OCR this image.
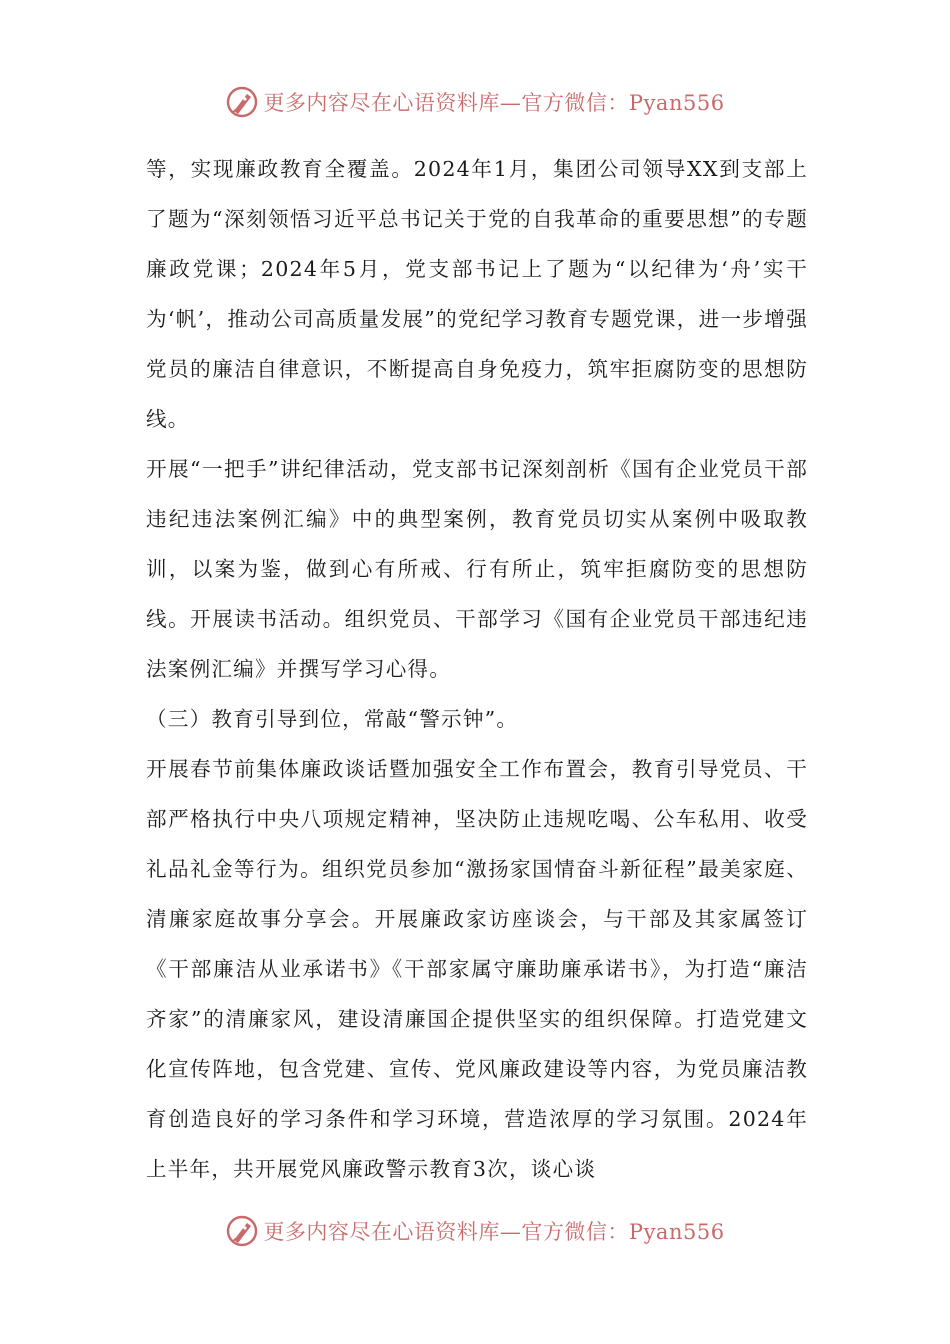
更多内容尽在心语资料库—官方微信：Pyan556

等，实现廉政教育全覆盖。2024年1月，集团公司领导XX到支部上了题为“深刻领悟习近平总书记关于党的自我革命的重要思想”的专题廉政党课；2024年5月，党支部书记上了题为“以纪律为‘舟’实干为‘帆’，推动公司高质量发展”的党纪学习教育专题党课，进一步增强党员的廉洁自律意识，不断提高自身免疫力，筑牢拒腐防变的思想防线。

开展“一把手”讲纪律活动，党支部书记深刻剖析《国有企业党员干部违纪违法案例汇编》中的典型案例，教育党员切实从案例中吸取教训，以案为鉴，做到心有所戒、行有所止，筑牢拒腐防变的思想防线。开展读书活动。组织党员、干部学习《国有企业党员干部违纪违法案例汇编》并撰写学习心得。

（三）教育引导到位，常敲“警示钟”。

开展春节前集体廉政谈话暨加强安全工作布置会，教育引导党员、干部严格执行中央八项规定精神，坚决防止违规吃喝、公车私用、收受礼品礼金等行为。组织党员参加“激扬家国情奋斗新征程”最美家庭、清廉家庭故事分享会。开展廉政家访座谈会，与干部及其家属签订《干部廉洁从业承诺书》《干部家属守廉助廉承诺书》，为打造“廉洁齐家”的清廉家风，建设清廉国企提供坚实的组织保障。打造党建文化宣传阵地，包含党建、宣传、党风廉政建设等内容，为党员廉洁教育创造良好的学习条件和学习环境，营造浓厚的学习氛围。2024年上半年，共开展党风廉政警示教育3次，谈心谈

更多内容尽在心语资料库—官方微信：Pyan556
